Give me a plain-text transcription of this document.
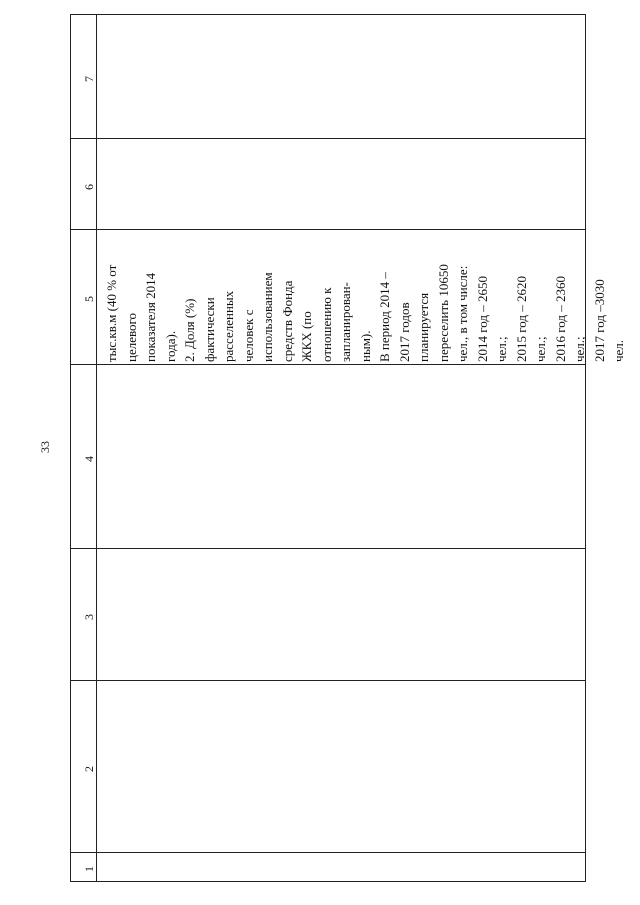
33
7
6
5
4
3
2
1
тыс.кв.м (40 % от целевого показателя 2014 года). 2. Доля (%) фактически расселенных человек с использованием средств Фонда ЖКХ (по отношению к запланирован- ным). В период 2014 – 2017 годов планируется переселить 10650 чел., в том числе: 2014 год – 2650 чел.; 2015 год – 2620 чел.; 2016 год – 2360 чел.; 2017 год –3030 чел.
